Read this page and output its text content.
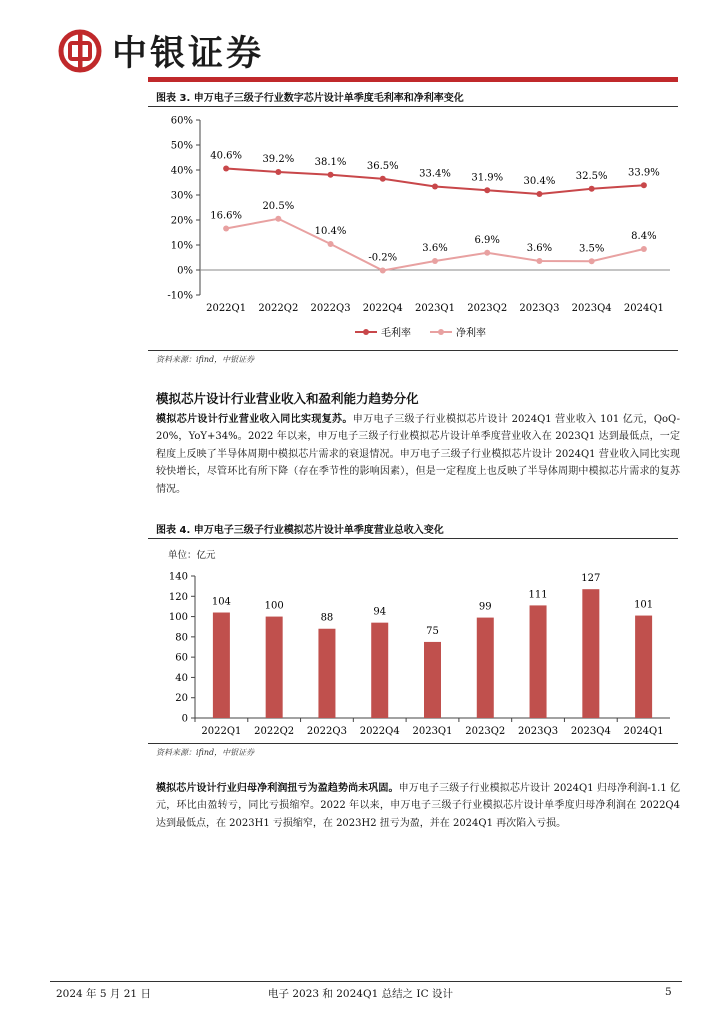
中银证券
图表 3. 申万电子三级子行业数字芯片设计单季度毛利率和净利率变化
-10%
0%
10%
20%
30%
40%
50%
60%
2022Q1 2022Q2 2022Q3 2022Q4 2023Q1 2023Q2 2023Q3 2023Q4 2024Q1
40.6% 39.2% 38.1% 36.5%
33.4% 31.9% 30.4% 32.5% 33.9%
16.6%
20.5%
10.4%
-0.2%
3.6%
6.9%
3.6%	3.5%
8.4%
毛利率	净利率
资料来源：ifind，中银证券
模拟芯片设计行业营业收入和盈利能力趋势分化
模拟芯片设计行业营业收入同比实现复苏。申万电子三级子行业模拟芯片设计 2024Q1 营业收入 101 亿元，QoQ-20%，YoY+34%。2022 年以来，申万电子三级子行业模拟芯片设计单季度营业收入在 2023Q1 达到最低点，一定程度上反映了半导体周期中模拟芯片需求的衰退情况。申万电子三级子行业模拟芯片设计 2024Q1 营业收入同比实现较快增长，尽管环比有所下降（存在季节性的影响因素），但是一定程度上也反映了半导体周期中模拟芯片需求的复苏情况。
图表 4. 申万电子三级子行业模拟芯片设计单季度营业总收入变化
单位：亿元
0
20
40
60
80
100
120
140
2022Q1 2022Q2 2022Q3 2022Q4 2023Q1 2023Q2 2023Q3 2023Q4 2024Q1
104	100
88
94
75
99
111
127
101
资料来源：ifind，中银证券
模拟芯片设计行业归母净利润扭亏为盈趋势尚未巩固。申万电子三级子行业模拟芯片设计 2024Q1 归母净利润-1.1 亿元，环比由盈转亏，同比亏损缩窄。2022 年以来，申万电子三级子行业模拟芯片设计单季度归母净利润在 2022Q4 达到最低点，在 2023H1 亏损缩窄，在 2023H2 扭亏为盈，并在 2024Q1 再次陷入亏损。
2024 年 5 月 21 日	电子 2023 和 2024Q1 总结之 IC 设计	5
